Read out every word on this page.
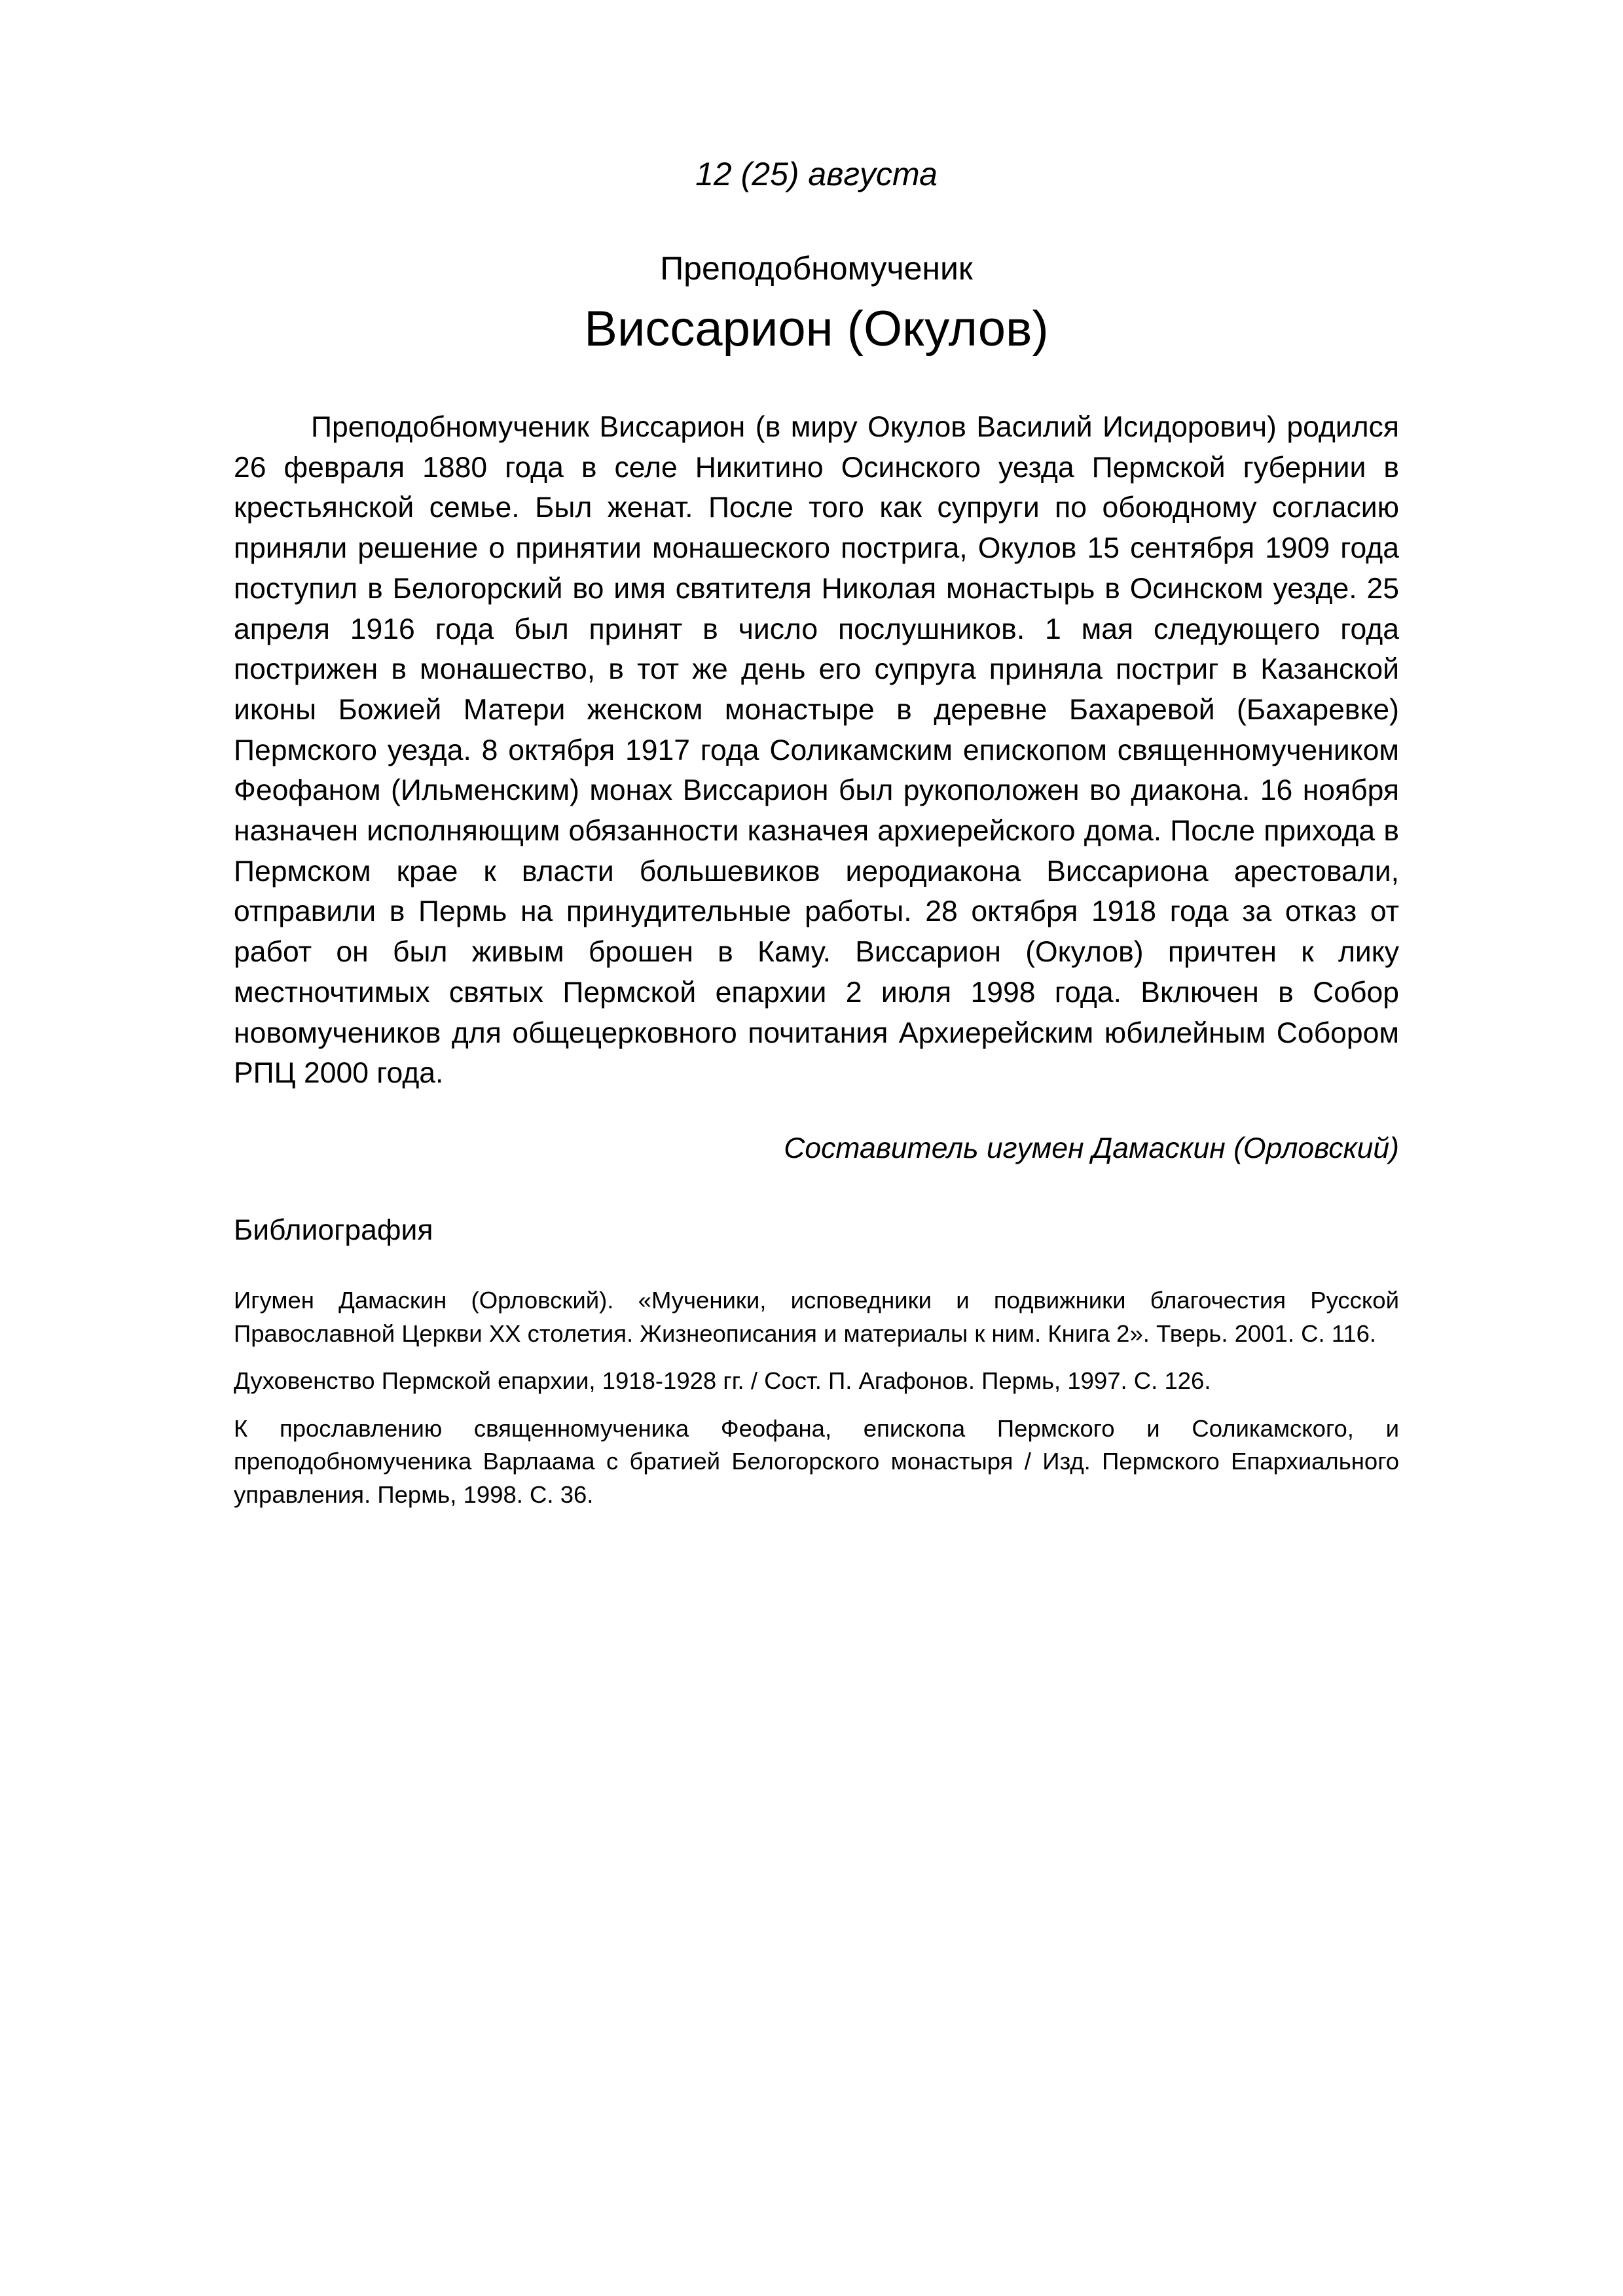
12 (25) августа
Преподобномученик
Виссарион (Окулов)

Преподобномученик Виссарион (в миру Окулов Василий Исидорович) родился 26 февраля 1880 года в селе Никитино Осинского уезда Пермской губернии в крестьянской семье. Был женат. После того как супруги по обоюдному согласию приняли решение о принятии монашеского пострига, Окулов 15 сентября 1909 года поступил в Белогорский во имя святителя Николая монастырь в Осинском уезде. 25 апреля 1916 года был принят в число послушников. 1 мая следующего года пострижен в монашество, в тот же день его супруга приняла постриг в Казанской иконы Божией Матери женском монастыре в деревне Бахаревой (Бахаревке) Пермского уезда. 8 октября 1917 года Соликамским епископом священномучеником Феофаном (Ильменским) монах Виссарион был рукоположен во диакона. 16 ноября назначен исполняющим обязанности казначея архиерейского дома. После прихода в Пермском крае к власти большевиков иеродиакона Виссариона арестовали, отправили в Пермь на принудительные работы. 28 октября 1918 года за отказ от работ он был живым брошен в Каму. Виссарион (Окулов) причтен к лику местночтимых святых Пермской епархии 2 июля 1998 года. Включен в Собор новомучеников для общецерковного почитания Архиерейским юбилейным Собором РПЦ 2000 года.

Составитель игумен Дамаскин (Орловский)
Библиография
Игумен Дамаскин (Орловский). «Мученики, исповедники и подвижники благочестия Русской Православной Церкви XX столетия. Жизнеописания и материалы к ним. Книга 2». Тверь. 2001. С. 116.
Духовенство Пермской епархии, 1918-1928 гг. / Сост. П. Агафонов. Пермь, 1997. С. 126.
К прославлению священномученика Феофана, епископа Пермского и Соликамского, и преподобномученика Варлаама с братией Белогорского монастыря / Изд. Пермского Епархиального управления. Пермь, 1998. С. 36.
